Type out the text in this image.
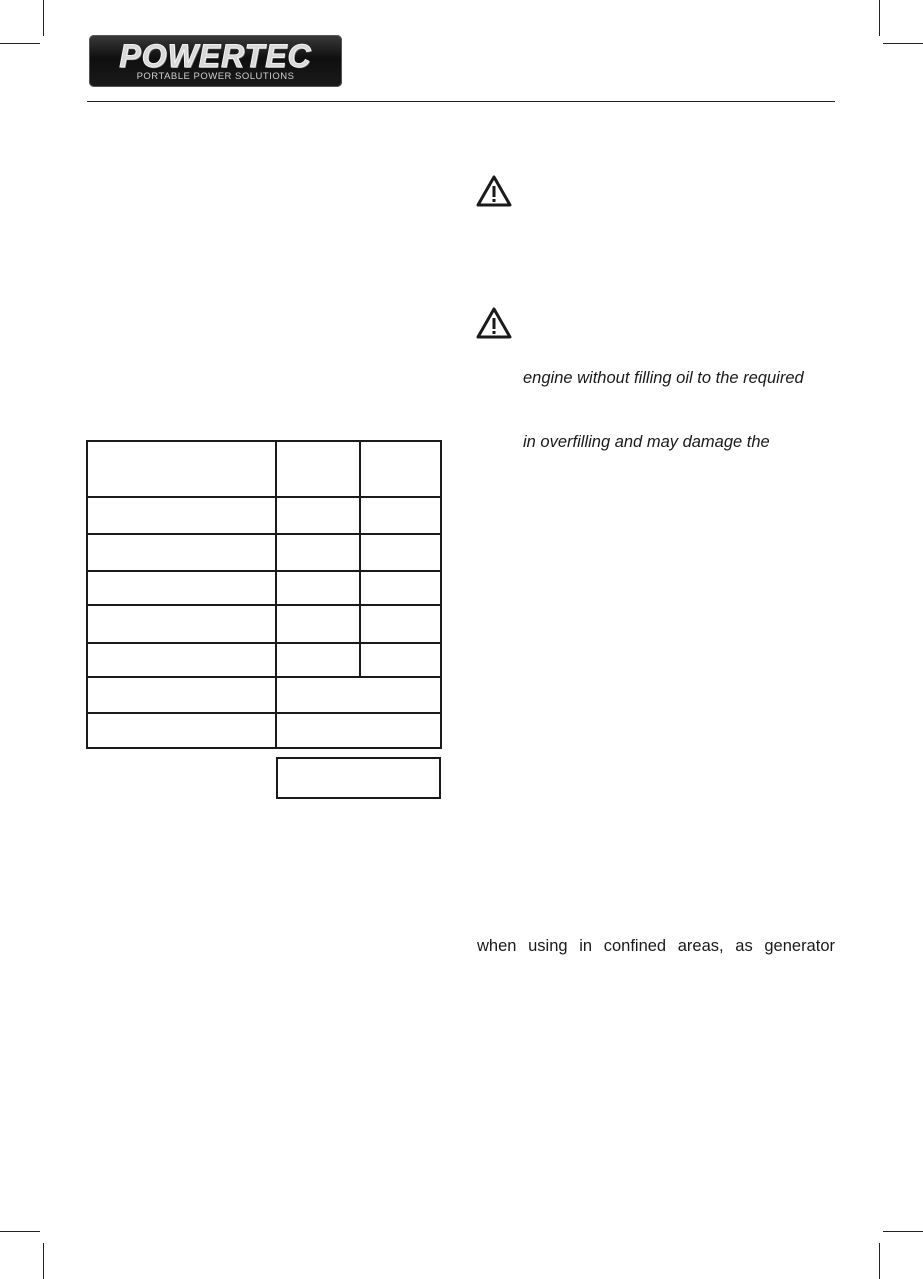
POWERTEC
PORTABLE POWER SOLUTIONS
engine without filling oil to the required
in overfilling and may damage the
when using in confined areas, as generator
